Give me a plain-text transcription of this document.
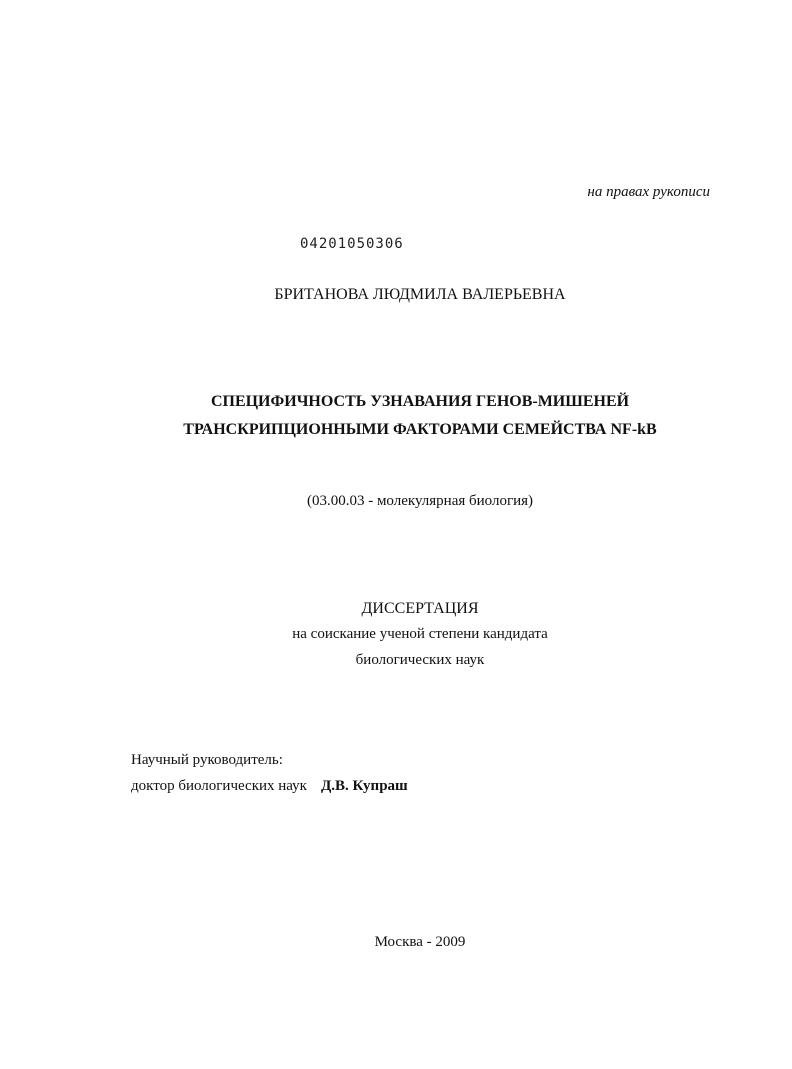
на правах рукописи
04201050306
БРИТАНОВА ЛЮДМИЛА ВАЛЕРЬЕВНА
СПЕЦИФИЧНОСТЬ УЗНАВАНИЯ ГЕНОВ-МИШЕНЕЙ
ТРАНСКРИПЦИОННЫМИ ФАКТОРАМИ СЕМЕЙСТВА NF-kB
(03.00.03 - молекулярная биология)
ДИССЕРТАЦИЯ
на соискание ученой степени кандидата
биологических наук
Научный руководитель:
доктор биологических наук Д.В. Купраш
Москва - 2009
